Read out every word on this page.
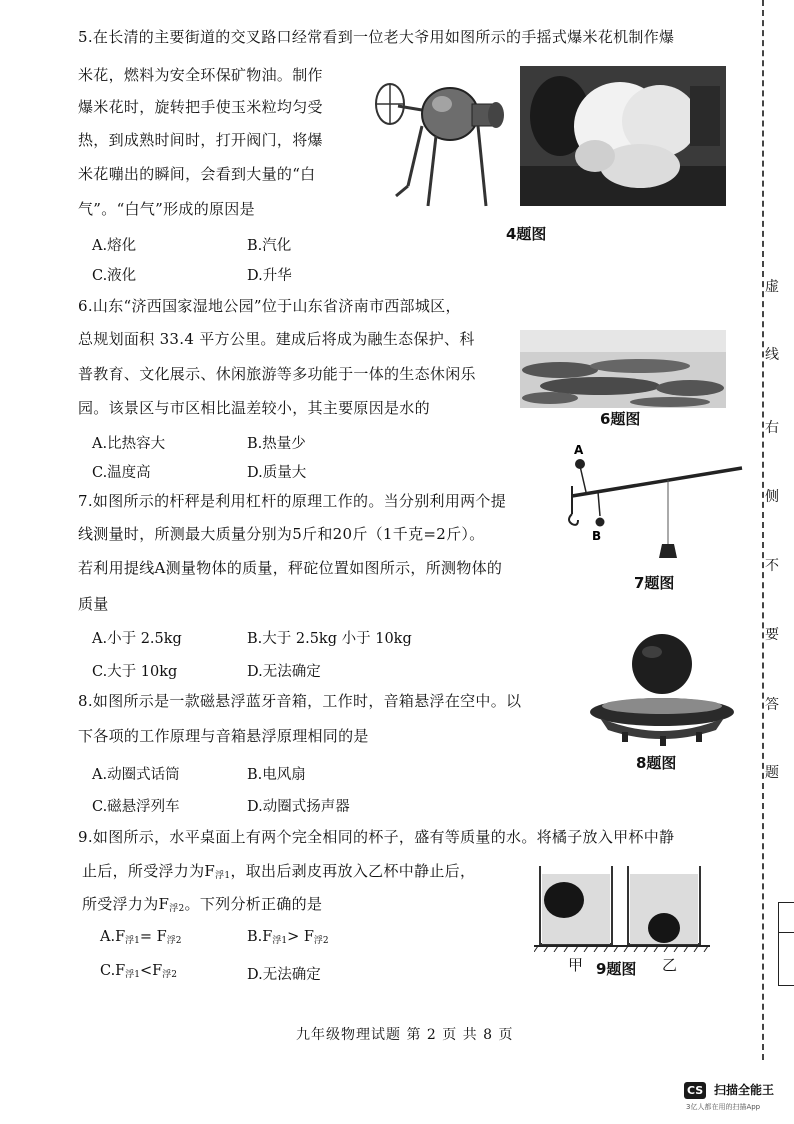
5.在长清的主要街道的交叉路口经常看到一位老大爷用如图所示的手摇式爆米花机制作爆
米花，燃料为安全环保矿物油。制作
爆米花时，旋转把手使玉米粒均匀受
热，到成熟时间时，打开阀门，将爆
米花嘣出的瞬间，会看到大量的“白
气”。“白气”形成的原因是
A.熔化	B.汽化
C.液化	D.升华
4题图
6.山东“济西国家湿地公园”位于山东省济南市西部城区，
总规划面积 33.4 平方公里。建成后将成为融生态保护、科
普教育、文化展示、休闲旅游等多功能于一体的生态休闲乐
园。该景区与市区相比温差较小，其主要原因是水的
A.比热容大	B.热量少
C.温度高	D.质量大
6题图
7.如图所示的杆秤是利用杠杆的原理工作的。当分别利用两个提
线测量时，所测最大质量分别为5斤和20斤（1千克=2斤）。
若利用提线A测量物体的质量，秤砣位置如图所示，所测物体的
质量
A.小于 2.5kg	B.大于 2.5kg 小于 10kg
C.大于 10kg	D.无法确定
A
B
7题图
8.如图所示是一款磁悬浮蓝牙音箱，工作时，音箱悬浮在空中。以
下各项的工作原理与音箱悬浮原理相同的是
A.动圈式话筒	B.电风扇
C.磁悬浮列车	D.动圈式扬声器
8题图
9.如图所示，水平桌面上有两个完全相同的杯子，盛有等质量的水。将橘子放入甲杯中静
止后，所受浮力为$F_{浮1}$，取出后剥皮再放入乙杯中静止后，
所受浮力为$F_{浮2}$。下列分析正确的是
$A.F_{浮1}= F_{浮2}$	$B.F_{浮1}> F_{浮2}$
$C.F_{浮1}<F_{浮2}$	D.无法确定
甲 9题图 乙
虚
线
右
侧
不
要
答
题
九年级物理试题 第 2 页 共 8 页
CS 扫描全能王
3亿人都在用的扫描App
